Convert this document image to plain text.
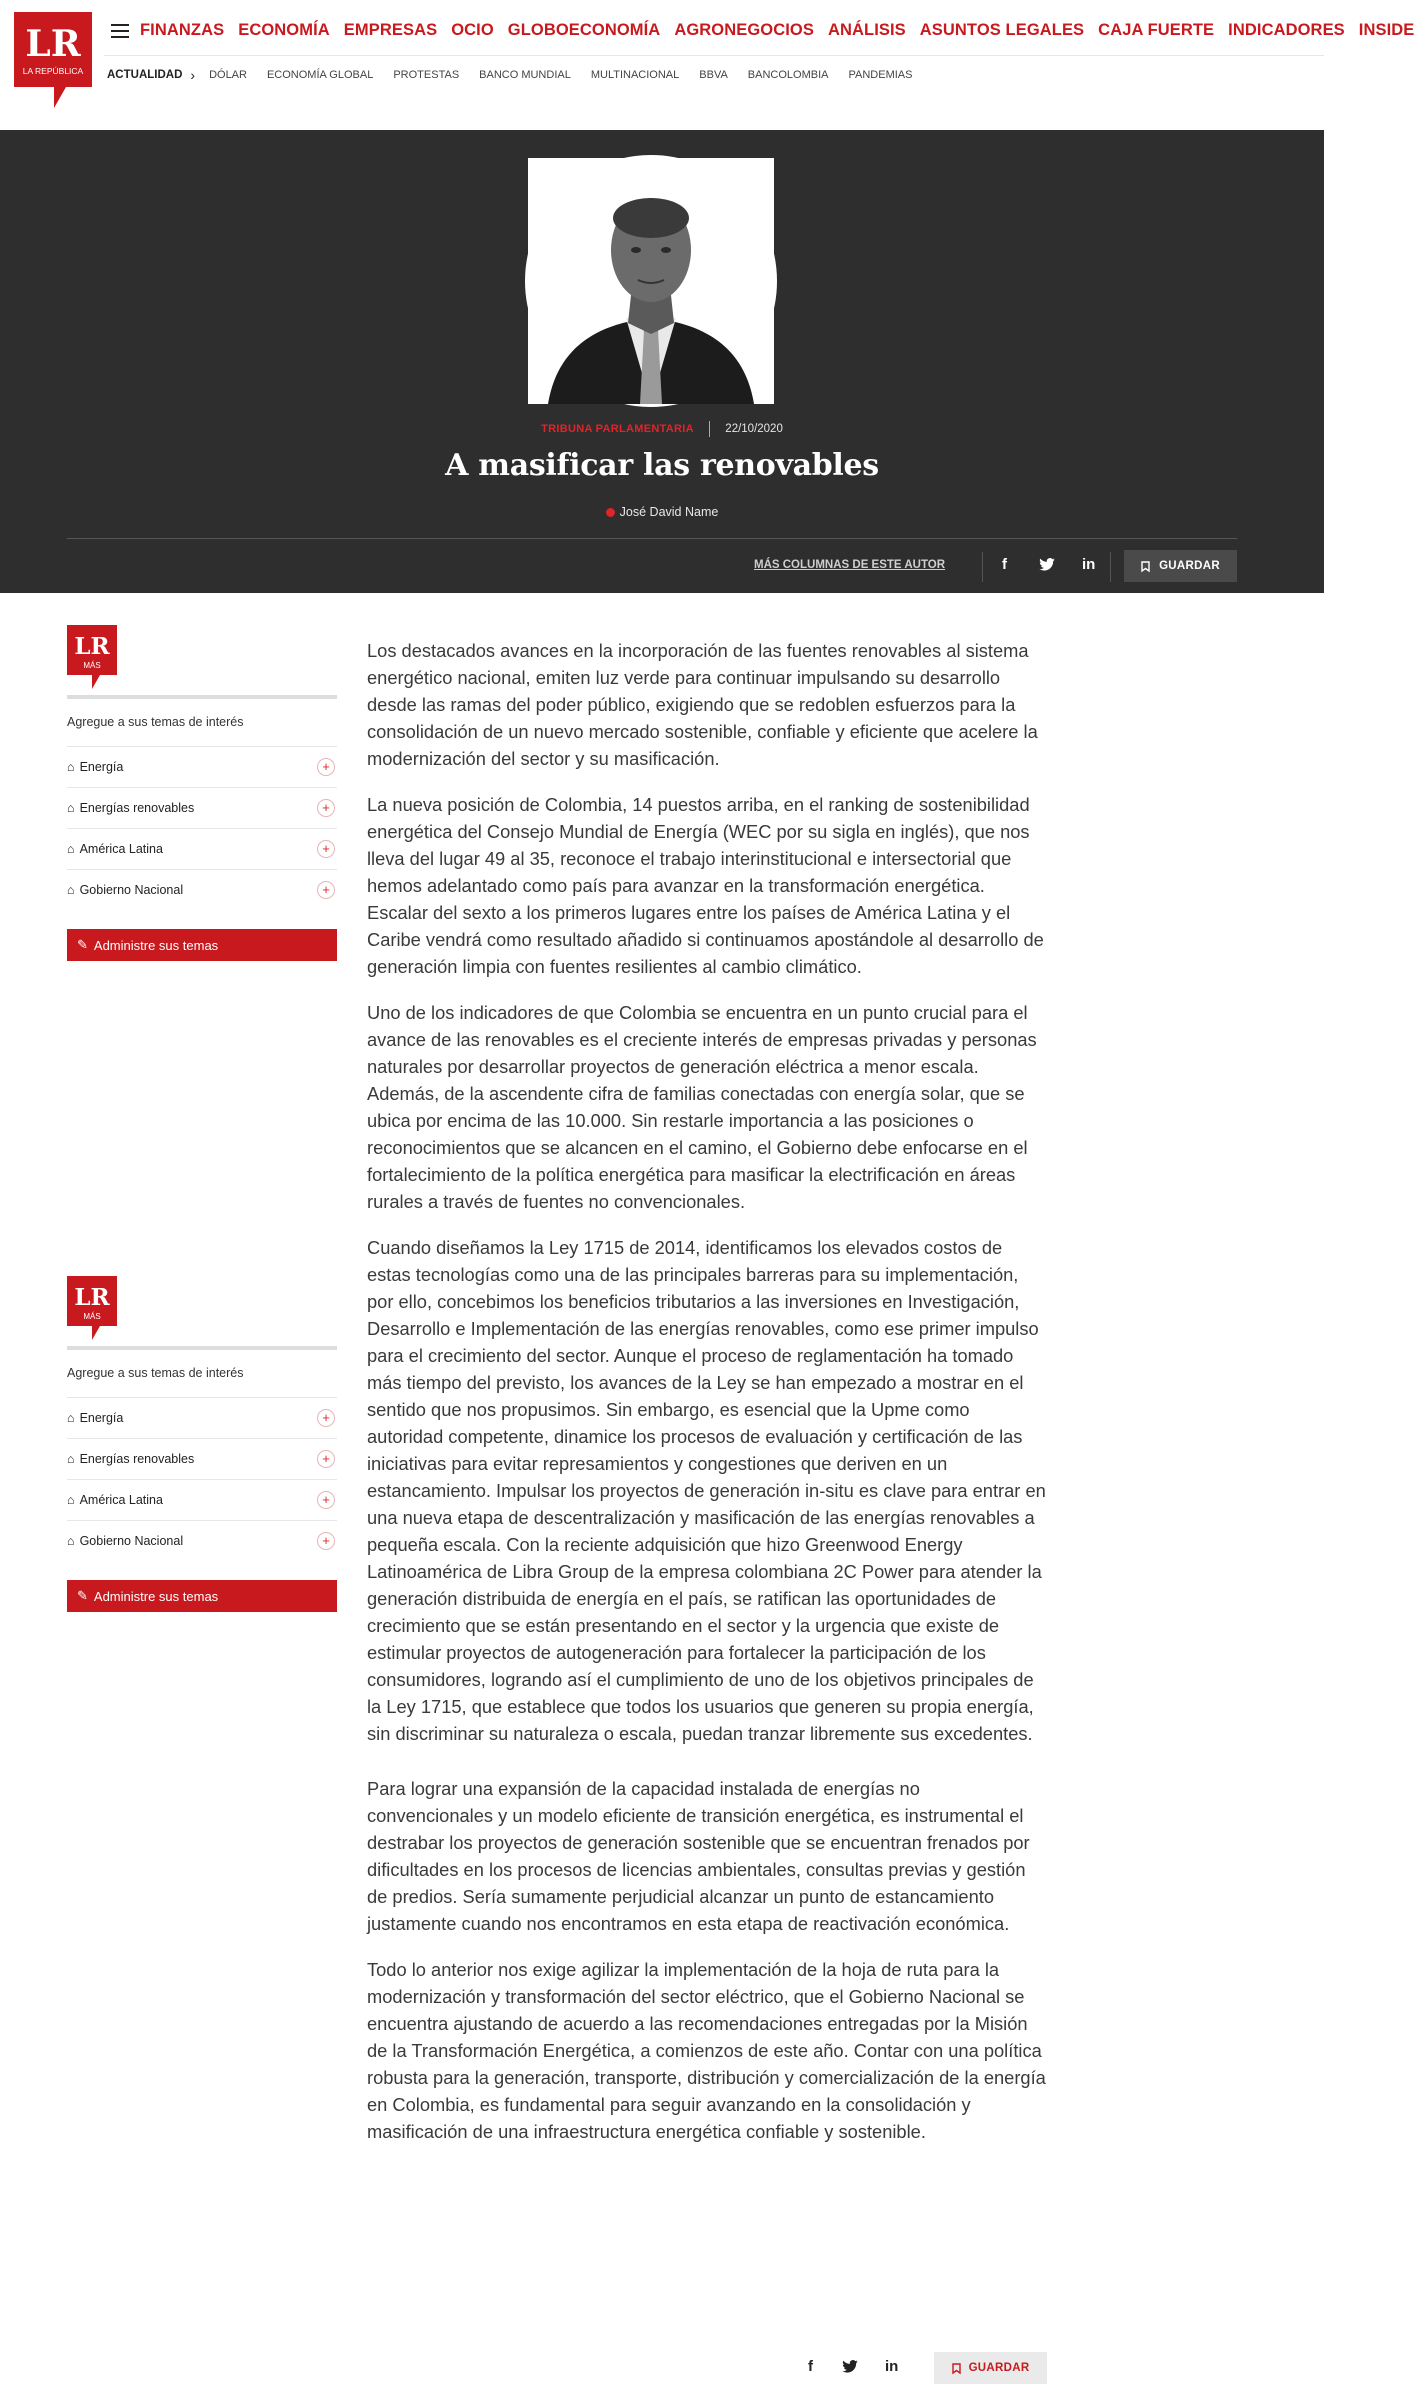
LR
LA REPÚBLICA
FINANZAS ECONOMÍA EMPRESAS OCIO GLOBOECONOMÍA AGRONEGOCIOS ANÁLISIS ASUNTOS LEGALES CAJA FUERTE INDICADORES INSIDE
ACTUALIDAD › DÓLAR ECONOMÍA GLOBAL PROTESTAS BANCO MUNDIAL MULTINACIONAL BBVA BANCOLOMBIA PANDEMIAS
TRIBUNA PARLAMENTARIA	22/10/2020
A masificar las renovables
José David Name
MÁS COLUMNAS DE ESTE AUTOR	f	in	GUARDAR
LR
MÁS
Agregue a sus temas de interés
⌂ Energía	+
⌂ Energías renovables	+
⌂ América Latina	+
⌂ Gobierno Nacional	+
✎ Administre sus temas
LR
MÁS
Agregue a sus temas de interés
⌂ Energía	+
⌂ Energías renovables	+
⌂ América Latina	+
⌂ Gobierno Nacional	+
✎ Administre sus temas

Los destacados avances en la incorporación de las fuentes renovables al sistema energético nacional, emiten luz verde para continuar impulsando su desarrollo desde las ramas del poder público, exigiendo que se redoblen esfuerzos para la consolidación de un nuevo mercado sostenible, confiable y eficiente que acelere la modernización del sector y su masificación.

La nueva posición de Colombia, 14 puestos arriba, en el ranking de sostenibilidad energética del Consejo Mundial de Energía (WEC por su sigla en inglés), que nos lleva del lugar 49 al 35, reconoce el trabajo interinstitucional e intersectorial que hemos adelantado como país para avanzar en la transformación energética. Escalar del sexto a los primeros lugares entre los países de América Latina y el Caribe vendrá como resultado añadido si continuamos apostándole al desarrollo de generación limpia con fuentes resilientes al cambio climático.

Uno de los indicadores de que Colombia se encuentra en un punto crucial para el avance de las renovables es el creciente interés de empresas privadas y personas naturales por desarrollar proyectos de generación eléctrica a menor escala. Además, de la ascendente cifra de familias conectadas con energía solar, que se ubica por encima de las 10.000. Sin restarle importancia a las posiciones o reconocimientos que se alcancen en el camino, el Gobierno debe enfocarse en el fortalecimiento de la política energética para masificar la electrificación en áreas rurales a través de fuentes no convencionales.

Cuando diseñamos la Ley 1715 de 2014, identificamos los elevados costos de estas tecnologías como una de las principales barreras para su implementación, por ello, concebimos los beneficios tributarios a las inversiones en Investigación, Desarrollo e Implementación de las energías renovables, como ese primer impulso para el crecimiento del sector. Aunque el proceso de reglamentación ha tomado más tiempo del previsto, los avances de la Ley se han empezado a mostrar en el sentido que nos propusimos. Sin embargo, es esencial que la Upme como autoridad competente, dinamice los procesos de evaluación y certificación de las iniciativas para evitar represamientos y congestiones que deriven en un estancamiento. Impulsar los proyectos de generación in-situ es clave para entrar en una nueva etapa de descentralización y masificación de las energías renovables a pequeña escala. Con la reciente adquisición que hizo Greenwood Energy Latinoamérica de Libra Group de la empresa colombiana 2C Power para atender la generación distribuida de energía en el país, se ratifican las oportunidades de crecimiento que se están presentando en el sector y la urgencia que existe de estimular proyectos de autogeneración para fortalecer la participación de los consumidores, logrando así el cumplimiento de uno de los objetivos principales de la Ley 1715, que establece que todos los usuarios que generen su propia energía, sin discriminar su naturaleza o escala, puedan tranzar libremente sus excedentes.

Para lograr una expansión de la capacidad instalada de energías no convencionales y un modelo eficiente de transición energética, es instrumental el destrabar los proyectos de generación sostenible que se encuentran frenados por dificultades en los procesos de licencias ambientales, consultas previas y gestión de predios. Sería sumamente perjudicial alcanzar un punto de estancamiento justamente cuando nos encontramos en esta etapa de reactivación económica.

Todo lo anterior nos exige agilizar la implementación de la hoja de ruta para la modernización y transformación del sector eléctrico, que el Gobierno Nacional se encuentra ajustando de acuerdo a las recomendaciones entregadas por la Misión de la Transformación Energética, a comienzos de este año. Contar con una política robusta para la generación, transporte, distribución y comercialización de la energía en Colombia, es fundamental para seguir avanzando en la consolidación y masificación de una infraestructura energética confiable y sostenible.

f	in	GUARDAR
